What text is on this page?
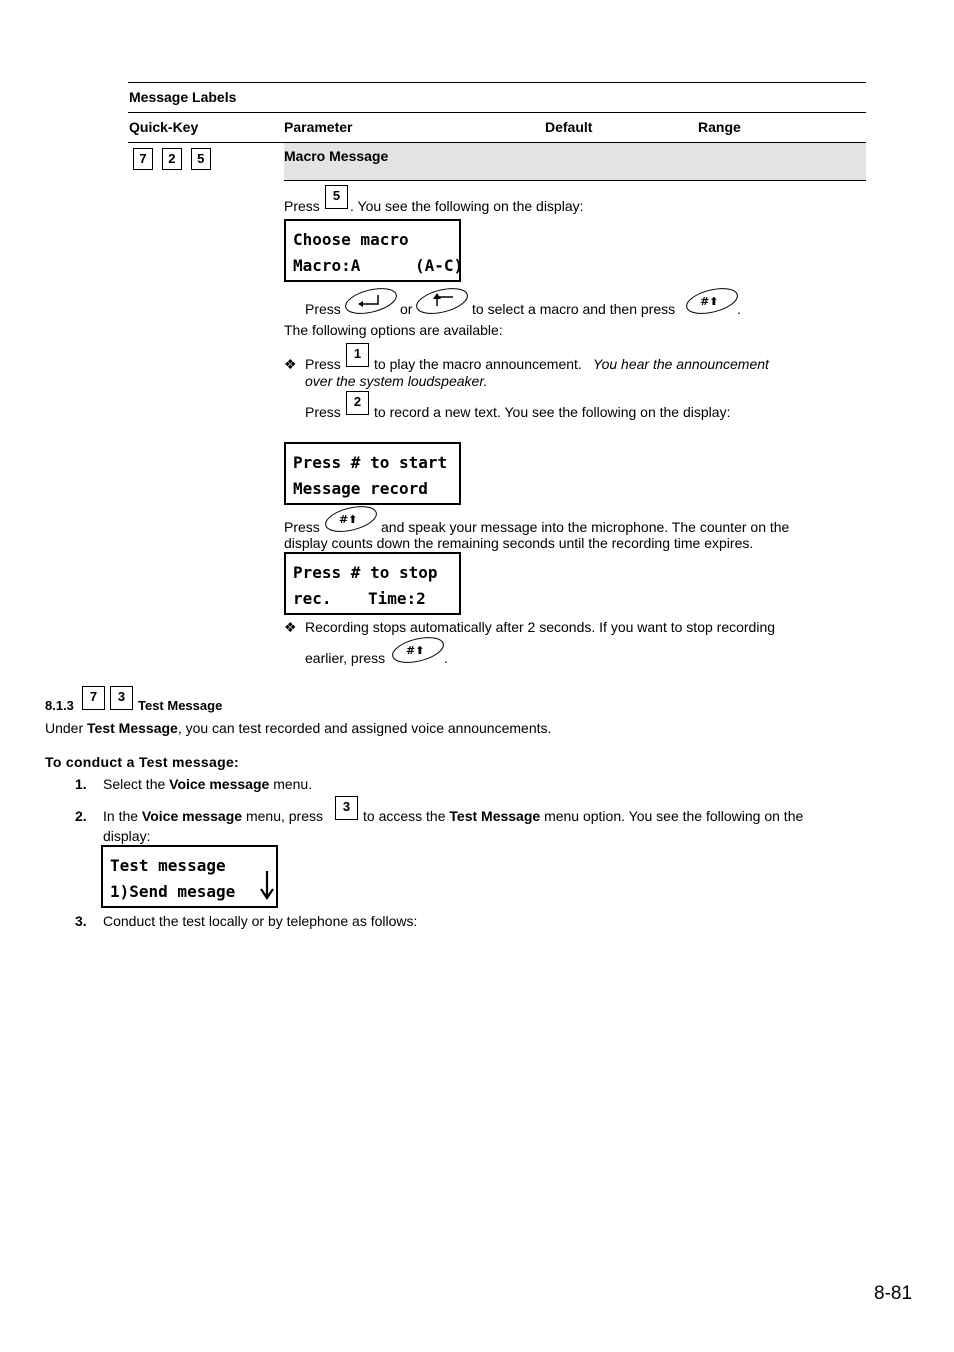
Message Labels
Quick-Key	Parameter	Default	Range
7 2 5	Macro Message
Press
5
. You see the following on the display:
Choose macro
Macro:A	(A-C)
Press	or	to select a macro and then press #⬆ .
The following options are available:
❖ Press
1
to play the macro announcement. You hear the announcement
over the system loudspeaker.
Press
2
to record a new text. You see the following on the display:
Press # to start
Message record
Press #⬆ and speak your message into the microphone. The counter on the
display counts down the remaining seconds until the recording time expires.
Press # to stop
rec. Time:2
❖ Recording stops automatically after 2 seconds. If you want to stop recording
earlier, press #⬆ .
8.1.3
7	3
Test Message
Under Test Message, you can test recorded and assigned voice announcements.
To conduct a Test message:
1. Select the Voice message menu.
2. In the Voice message menu, press
3
to access the Test Message menu option. You see the following on the
display:
Test message
1)Send mesage
3. Conduct the test locally or by telephone as follows:
8-81
